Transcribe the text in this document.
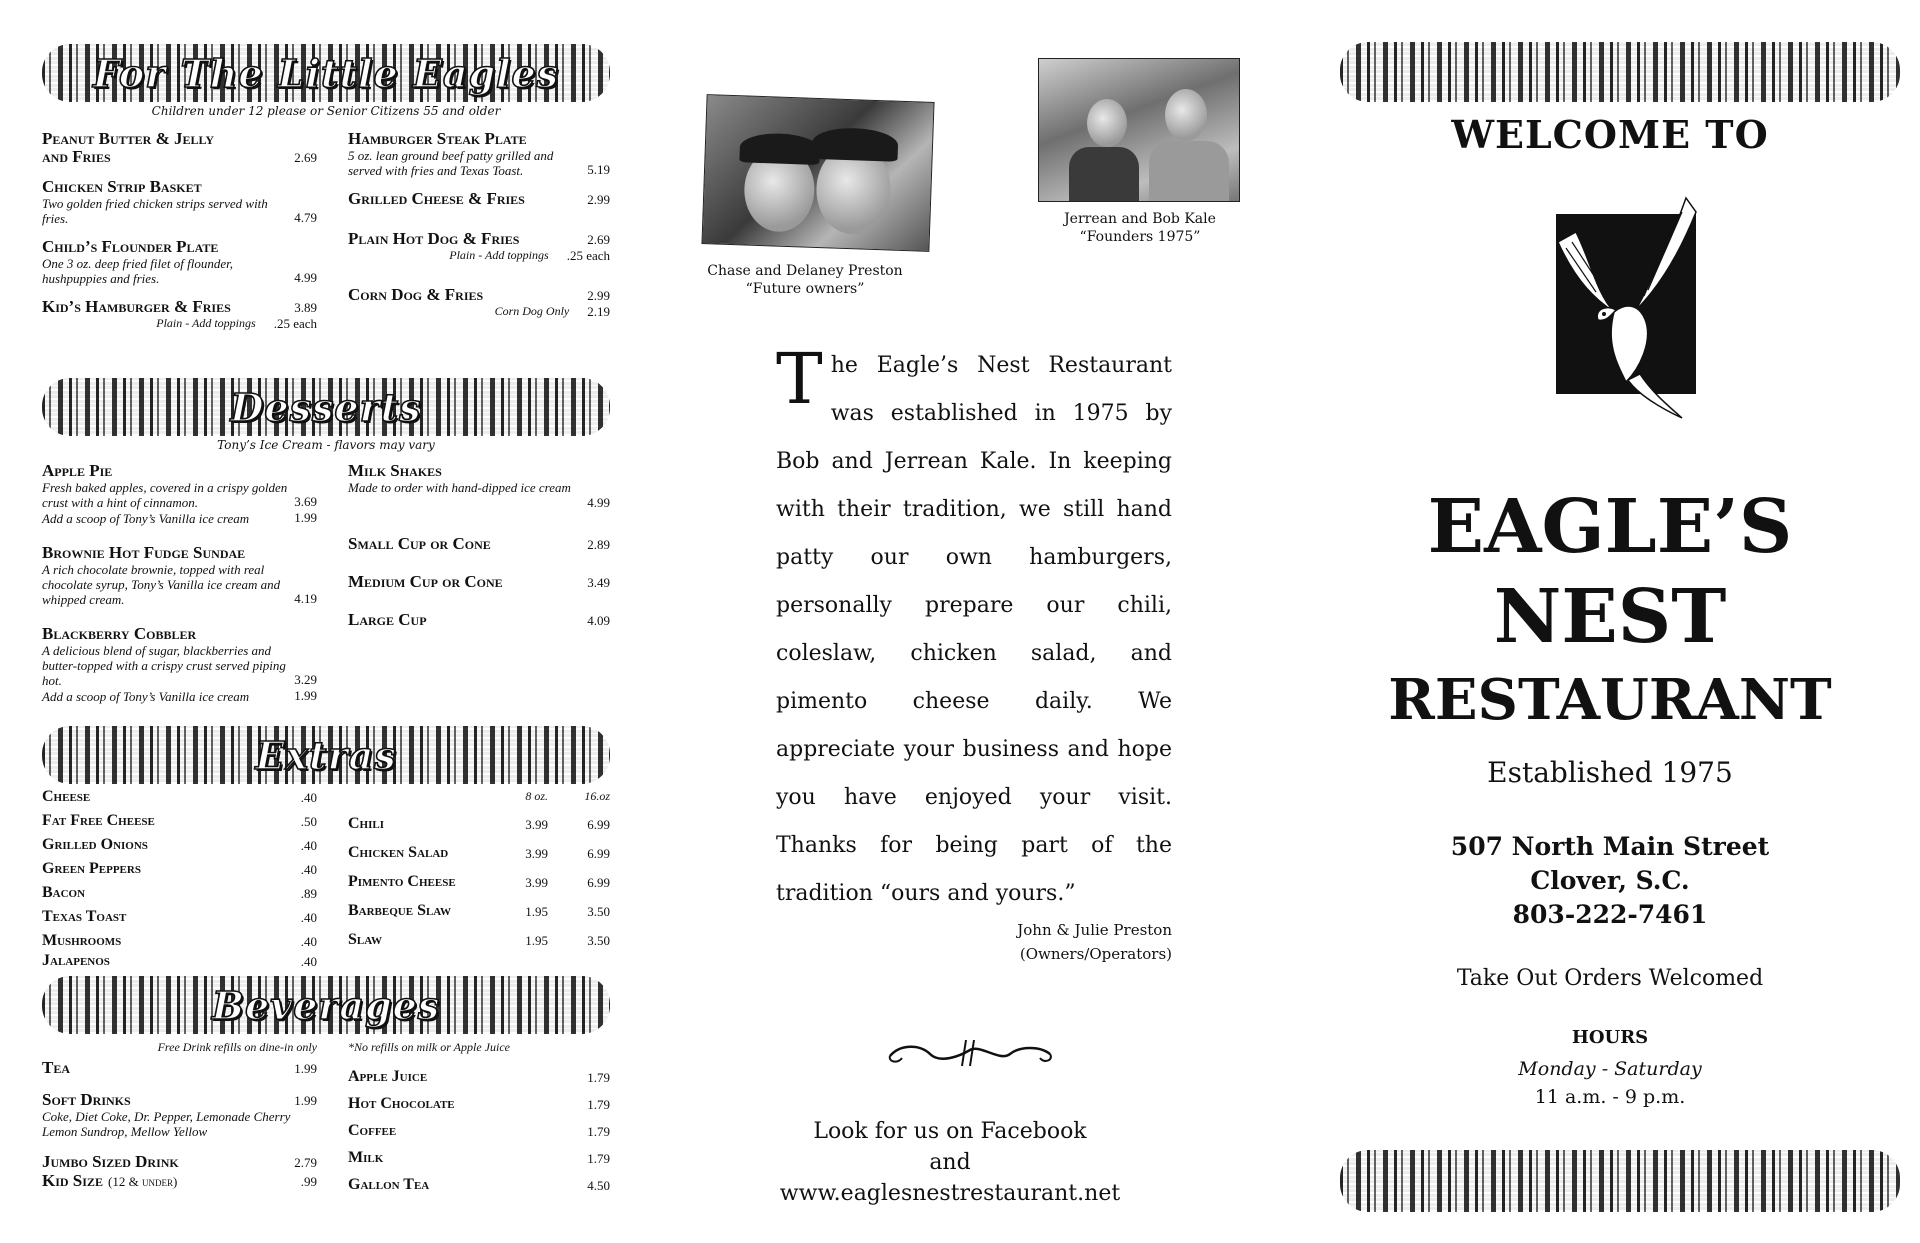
For The Little Eagles
Children under 12 please or Senior Citizens 55 and older
Peanut Butter & Jelly
and Fries	2.69
Chicken Strip Basket
Two golden fried chicken strips served with fries.	4.79
Child’s Flounder Plate
One 3 oz. deep fried filet of flounder, hushpuppies and fries.	4.99
Kid’s Hamburger & Fries	3.89
Plain - Add toppings .25 each
Hamburger Steak Plate
5 oz. lean ground beef patty grilled and served with fries and Texas Toast.	5.19
Grilled Cheese & Fries	2.99
Plain Hot Dog & Fries	2.69
Plain - Add toppings .25 each
Corn Dog & Fries	2.99
Corn Dog Only 2.19
Desserts
Tony’s Ice Cream - flavors may vary
Apple Pie
Fresh baked apples, covered in a crispy golden crust with a hint of cinnamon.	3.69
Add a scoop of Tony’s Vanilla ice cream	1.99
Brownie Hot Fudge Sundae
A rich chocolate brownie, topped with real chocolate syrup, Tony’s Vanilla ice cream and whipped cream.	4.19
Blackberry Cobbler
A delicious blend of sugar, blackberries and butter-topped with a crispy crust served piping hot.	3.29
Add a scoop of Tony’s Vanilla ice cream	1.99
Milk Shakes
Made to order with hand-dipped ice cream
4.99
Small Cup or Cone	2.89
Medium Cup or Cone	3.49
Large Cup	4.09
Extras
Cheese	.40
Fat Free Cheese	.50
Grilled Onions	.40
Green Peppers	.40
Bacon	.89
Texas Toast	.40
Mushrooms	.40
Jalapenos	.40
8 oz.	16.oz
Chili	3.99	6.99
Chicken Salad	3.99	6.99
Pimento Cheese	3.99	6.99
Barbeque Slaw	1.95	3.50
Slaw	1.95	3.50
Beverages
Free Drink refills on dine-in only
Tea	1.99
Soft Drinks	1.99
Coke, Diet Coke, Dr. Pepper, Lemonade Cherry Lemon Sundrop, Mellow Yellow
Jumbo Sized Drink	2.79
Kid Size (12 & under)	.99
*No refills on milk or Apple Juice
Apple Juice	1.79
Hot Chocolate	1.79
Coffee	1.79
Milk	1.79
Gallon Tea	4.50
Chase and Delaney Preston
“Future owners”
Jerrean and Bob Kale
“Founders 1975”
T he Eagle’s Nest Restaurant was established in 1975 by Bob and Jerrean Kale. In keeping with their tradition, we still hand patty our own hamburgers, personally prepare our chili, coleslaw, chicken salad, and pimento cheese daily. We appreciate your business and hope you have enjoyed your visit. Thanks for being part of the tradition “ours and yours.”
John & Julie Preston
(Owners/Operators)
Look for us on Facebook
and
www.eaglesnestrestaurant.net
WELCOME TO
EAGLE’S
NEST
RESTAURANT
Established 1975
507 North Main Street
Clover, S.C.
803-222-7461
Take Out Orders Welcomed
HOURS
Monday - Saturday
11 a.m. - 9 p.m.
